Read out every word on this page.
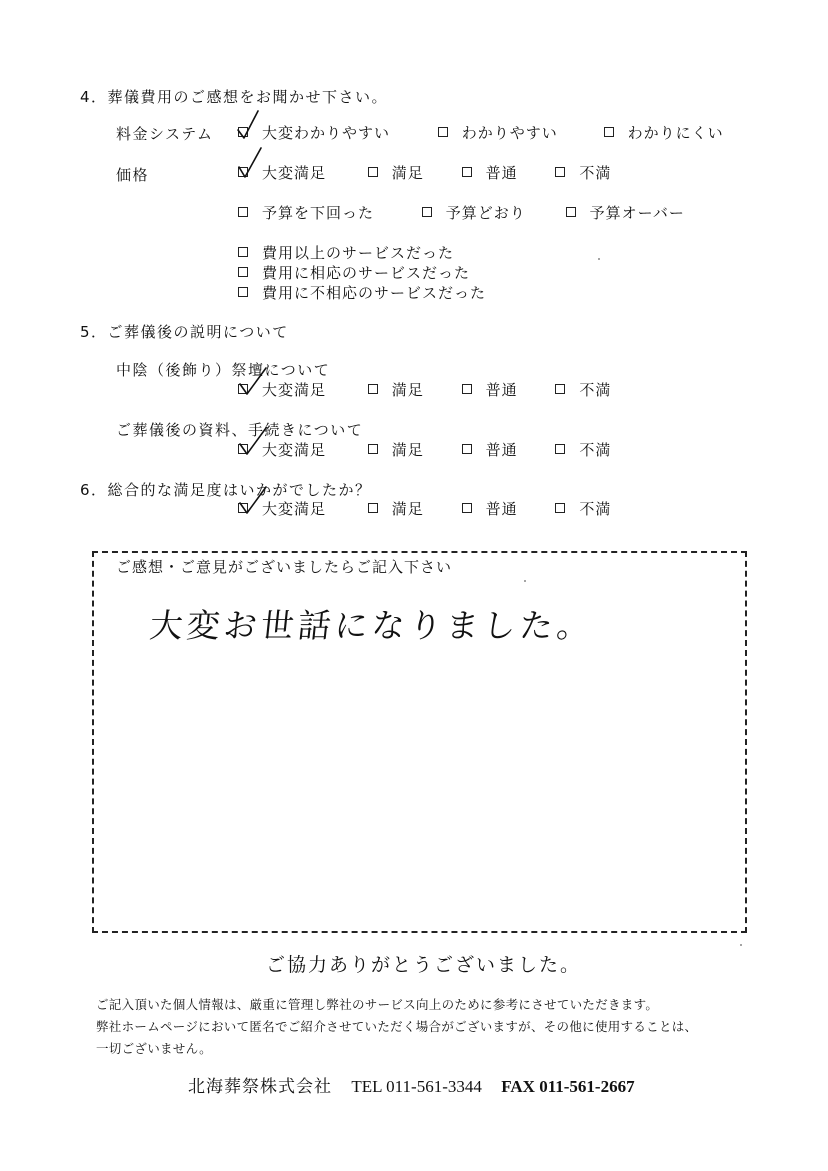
4．葬儀費用のご感想をお聞かせ下さい。
料金システム	大変わかりやすい	わかりやすい	わかりにくい
価格	大変満足	満足	普通	不満
予算を下回った	予算どおり	予算オーバー
費用以上のサービスだった
費用に相応のサービスだった
費用に不相応のサービスだった
5．ご葬儀後の説明について
中陰（後飾り）祭壇について
大変満足	満足	普通	不満
ご葬儀後の資料、手続きについて
大変満足	満足	普通	不満
6．総合的な満足度はいかがでしたか？
大変満足	満足	普通	不満
ご感想・ご意見がございましたらご記入下さい
大変お世話になりました。
ご協力ありがとうございました。
ご記入頂いた個人情報は、厳重に管理し弊社のサービス向上のために参考にさせていただきます。
弊社ホームページにおいて匿名でご紹介させていただく場合がございますが、その他に使用することは、
一切ございません。
北海葬祭株式会社 TEL 011-561-3344 FAX 011-561-2667
